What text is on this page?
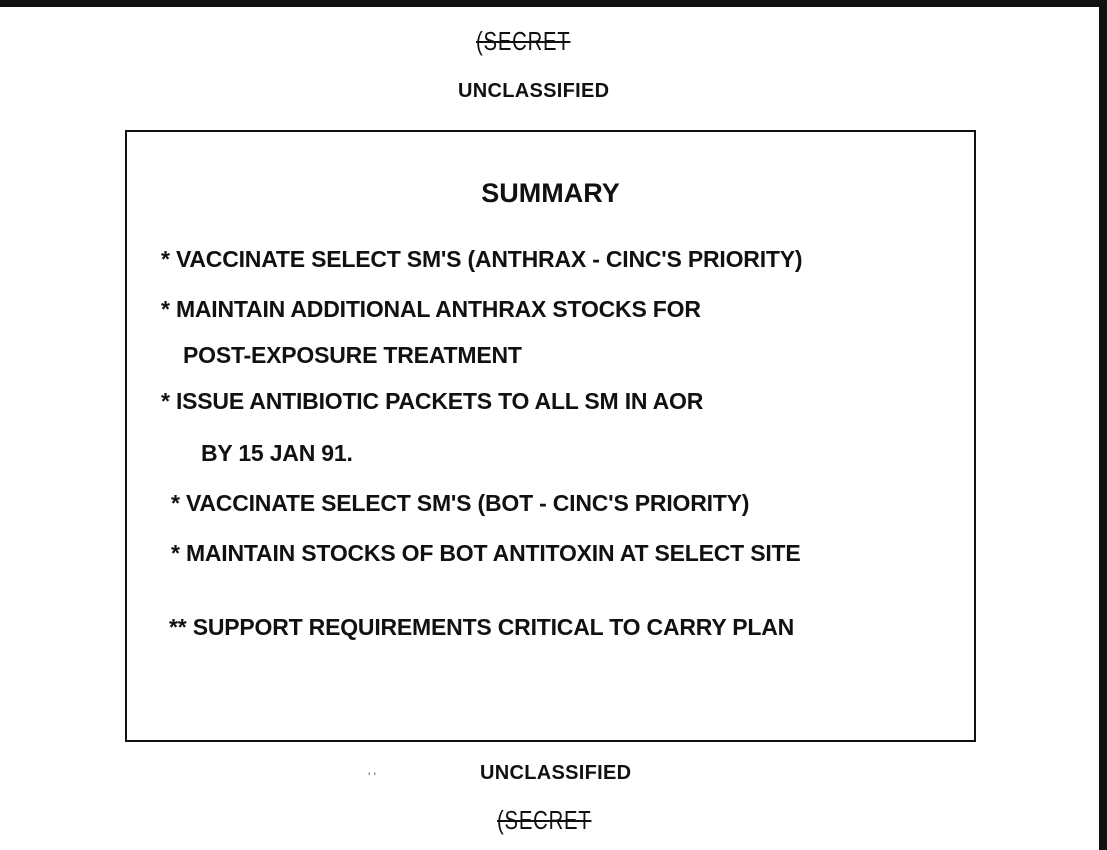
(SECRET
UNCLASSIFIED
SUMMARY
* VACCINATE SELECT SM'S (ANTHRAX - CINC'S PRIORITY)
* MAINTAIN ADDITIONAL ANTHRAX STOCKS FOR
POST-EXPOSURE TREATMENT
* ISSUE ANTIBIOTIC PACKETS TO ALL SM IN AOR
BY 15 JAN 91.
* VACCINATE SELECT SM'S (BOT - CINC'S PRIORITY)
* MAINTAIN STOCKS OF BOT ANTITOXIN AT SELECT SITE
** SUPPORT REQUIREMENTS CRITICAL TO CARRY PLAN
' '	UNCLASSIFIED
(SECRET
